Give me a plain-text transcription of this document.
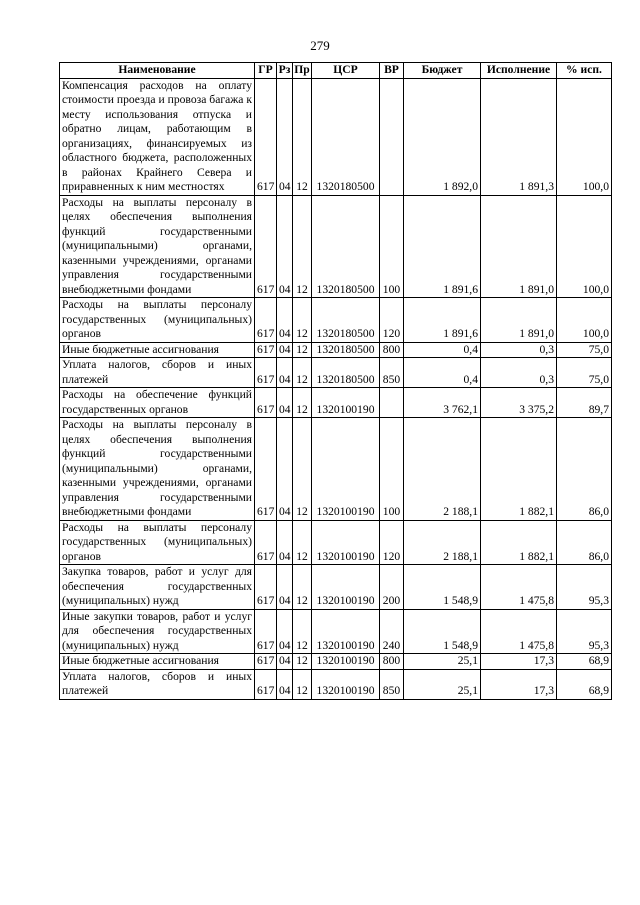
279
Наименование	ГР	Рз	Пр	ЦСР	ВР	Бюджет	Исполнение	% исп.
Компенсация расходов на оплату стоимости проезда и провоза багажа к месту использования отпуска и обратно лицам, работающим в организациях, финансируемых из областного бюджета, расположенных в районах Крайнего Севера и приравненных к ним местностях	617	04	12	1320180500		1 892,0	1 891,3	100,0
Расходы на выплаты персоналу в целях обеспечения выполнения функций государственными (муниципальными) органами, казенными учреждениями, органами управления государственными внебюджетными фондами	617	04	12	1320180500	100	1 891,6	1 891,0	100,0
Расходы на выплаты персоналу государственных (муниципальных) органов	617	04	12	1320180500	120	1 891,6	1 891,0	100,0
Иные бюджетные ассигнования	617	04	12	1320180500	800	0,4	0,3	75,0
Уплата налогов, сборов и иных платежей	617	04	12	1320180500	850	0,4	0,3	75,0
Расходы на обеспечение функций государственных органов	617	04	12	1320100190		3 762,1	3 375,2	89,7
Расходы на выплаты персоналу в целях обеспечения выполнения функций государственными (муниципальными) органами, казенными учреждениями, органами управления государственными внебюджетными фондами	617	04	12	1320100190	100	2 188,1	1 882,1	86,0
Расходы на выплаты персоналу государственных (муниципальных) органов	617	04	12	1320100190	120	2 188,1	1 882,1	86,0
Закупка товаров, работ и услуг для обеспечения государственных (муниципальных) нужд	617	04	12	1320100190	200	1 548,9	1 475,8	95,3
Иные закупки товаров, работ и услуг для обеспечения государственных (муниципальных) нужд	617	04	12	1320100190	240	1 548,9	1 475,8	95,3
Иные бюджетные ассигнования	617	04	12	1320100190	800	25,1	17,3	68,9
Уплата налогов, сборов и иных платежей	617	04	12	1320100190	850	25,1	17,3	68,9
